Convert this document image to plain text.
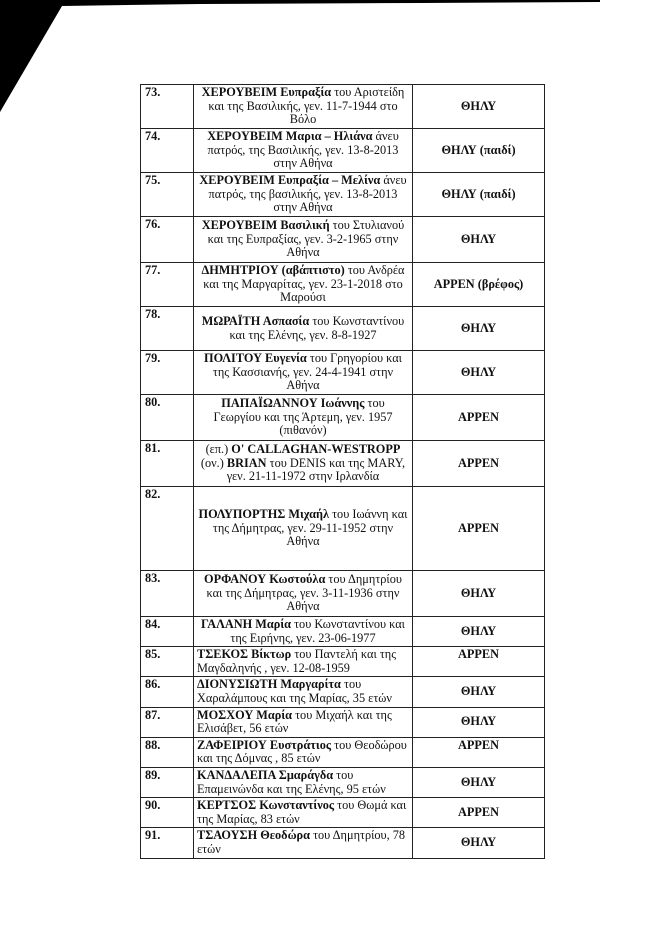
73.	ΧΕΡΟΥΒΕΙΜ Ευπραξία του Αριστείδη και της Βασιλικής, γεν. 11-7-1944 στο Βόλο	ΘΗΛΥ
74.	ΧΕΡΟΥΒΕΙΜ Μαρια – Ηλιάνα άνευ πατρός, της Βασιλικής, γεν. 13-8-2013 στην Αθήνα	ΘΗΛΥ (παιδί)
75.	ΧΕΡΟΥΒΕΙΜ Ευπραξία – Μελίνα άνευ πατρός, της βασιλικής, γεν. 13-8-2013 στην Αθήνα	ΘΗΛΥ (παιδί)
76.	ΧΕΡΟΥΒΕΙΜ Βασιλική του Στυλιανού και της Ευπραξίας, γεν. 3-2-1965 στην Αθήνα	ΘΗΛΥ
77.	ΔΗΜΗΤΡΙΟΥ (αβάπτιστο) του Ανδρέα και της Μαργαρίτας, γεν. 23-1-2018 στο Μαρούσι	ΑΡΡΕΝ (βρέφος)
78.	ΜΩΡΑΪΤΗ Ασπασία του Κωνσταντίνου και της Ελένης, γεν. 8-8-1927	ΘΗΛΥ
79.	ΠΟΛΙΤΟΥ Ευγενία του Γρηγορίου και της Κασσιανής, γεν. 24-4-1941 στην Αθήνα	ΘΗΛΥ
80.	ΠΑΠΑΪΩΑΝΝΟΥ Ιωάννης του Γεωργίου και της Άρτεμη, γεν. 1957 (πιθανόν)	ΑΡΡΕΝ
81.	(επ.) O' CALLAGHAN-WESTROPP (ον.) BRIAN του DENIS και της MARY, γεν. 21-11-1972 στην Ιρλανδία	ΑΡΡΕΝ
82.	ΠΟΛΥΠΟΡΤΗΣ Μιχαήλ του Ιωάννη και της Δήμητρας, γεν. 29-11-1952 στην Αθήνα	ΑΡΡΕΝ
83.	ΟΡΦΑΝΟΥ Κωστούλα του Δημητρίου και της Δήμητρας, γεν. 3-11-1936 στην Αθήνα	ΘΗΛΥ
84.	ΓΑΛΑΝΗ Μαρία του Κωνσταντίνου και της Ειρήνης, γεν. 23-06-1977	ΘΗΛΥ
85.	ΤΣΕΚΟΣ Βίκτωρ του Παντελή και της Μαγδαληνής , γεν. 12-08-1959	ΑΡΡΕΝ
86.	ΔΙΟΝΥΣΙΩΤΗ Μαργαρίτα του Χαραλάμπους και της Μαρίας, 35 ετών	ΘΗΛΥ
87.	ΜΟΣΧΟΥ Μαρία του Μιχαήλ και της Ελισάβετ, 56 ετών	ΘΗΛΥ
88.	ΖΑΦΕΙΡΙΟΥ Ευστράτιος του Θεοδώρου και της Δόμνας , 85 ετών	ΑΡΡΕΝ
89.	ΚΑΝΔΑΛΕΠΑ Σμαράγδα του Επαμεινώνδα και της Ελένης, 95 ετών	ΘΗΛΥ
90.	ΚΕΡΤΣΟΣ Κωνσταντίνος του Θωμά και της Μαρίας, 83 ετών	ΑΡΡΕΝ
91.	ΤΣΑΟΥΣΗ Θεοδώρα του Δημητρίου, 78 ετών	ΘΗΛΥ
